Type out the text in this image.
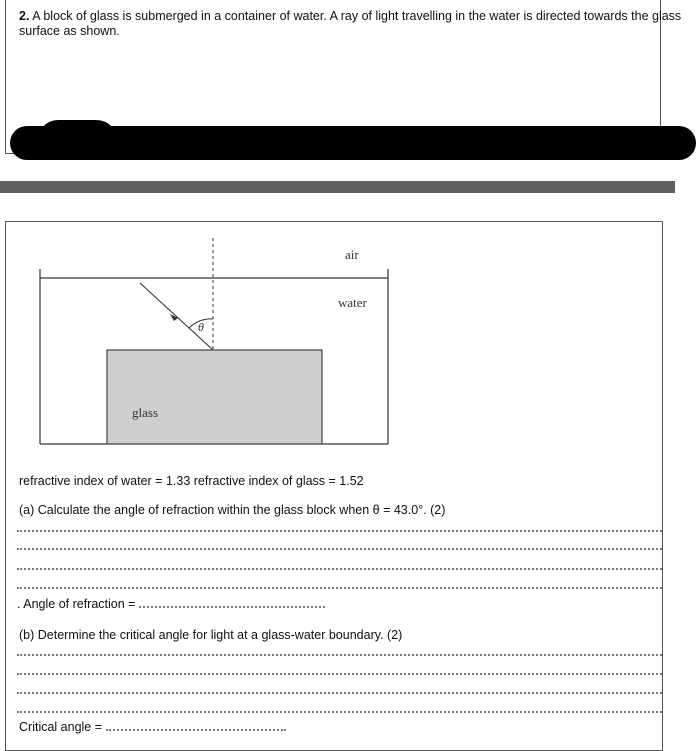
2. A block of glass is submerged in a container of water. A ray of light travelling in the water is directed towards the glass
surface as shown.
air
water
glass
θ
refractive index of water = 1.33 refractive index of glass = 1.52
(a) Calculate the angle of refraction within the glass block when θ = 43.0°. (2)
. Angle of refraction =
(b) Determine the critical angle for light at a glass-water boundary. (2)
Critical angle =
